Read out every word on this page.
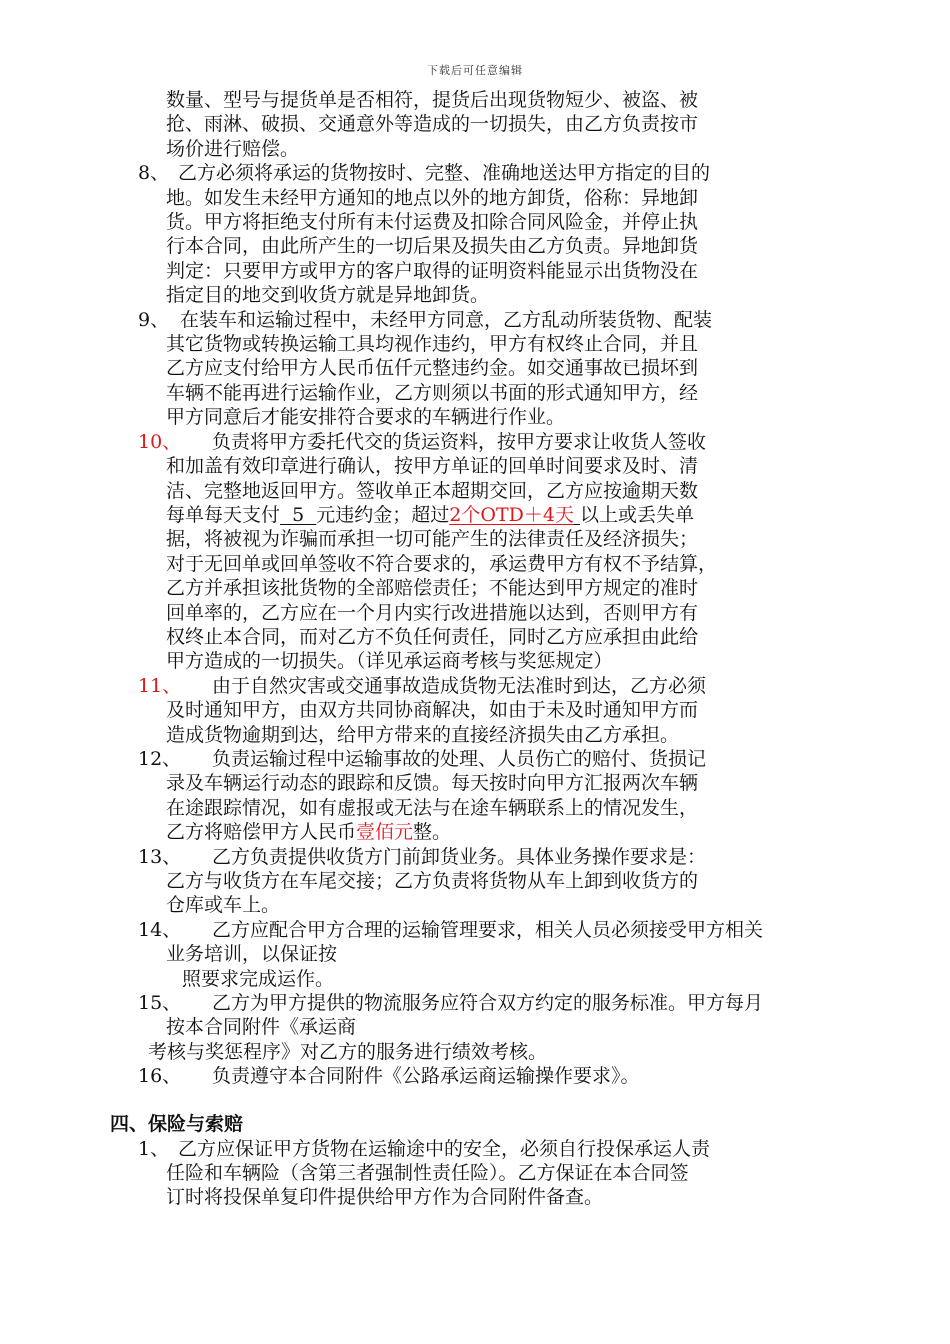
下载后可任意编辑
数量、型号与提货单是否相符，提货后出现货物短少、被盗、被
抢、雨淋、破损、交通意外等造成的一切损失，由乙方负责按市
场价进行赔偿。
8、 乙方必须将承运的货物按时、完整、准确地送达甲方指定的目的
地。如发生未经甲方通知的地点以外的地方卸货，俗称：异地卸
货。甲方将拒绝支付所有未付运费及扣除合同风险金，并停止执
行本合同，由此所产生的一切后果及损失由乙方负责。异地卸货
判定：只要甲方或甲方的客户取得的证明资料能显示出货物没在
指定目的地交到收货方就是异地卸货。
9、 在装车和运输过程中，未经甲方同意，乙方乱动所装货物、配装
其它货物或转换运输工具均视作违约，甲方有权终止合同，并且
乙方应支付给甲方人民币伍仟元整违约金。如交通事故已损坏到
车辆不能再进行运输作业，乙方则须以书面的形式通知甲方，经
甲方同意后才能安排符合要求的车辆进行作业。
10、	负责将甲方委托代交的货运资料，按甲方要求让收货人签收
和加盖有效印章进行确认，按甲方单证的回单时间要求及时、清
洁、完整地返回甲方。签收单正本超期交回，乙方应按逾期天数
每单每天支付  5  元违约金；超过2个OTD＋4天 以上或丢失单
据，将被视为诈骗而承担一切可能产生的法律责任及经济损失；
对于无回单或回单签收不符合要求的，承运费甲方有权不予结算，
乙方并承担该批货物的全部赔偿责任；不能达到甲方规定的准时
回单率的，乙方应在一个月内实行改进措施以达到，否则甲方有
权终止本合同，而对乙方不负任何责任，同时乙方应承担由此给
甲方造成的一切损失。（详见承运商考核与奖惩规定）
11、	由于自然灾害或交通事故造成货物无法准时到达，乙方必须
及时通知甲方，由双方共同协商解决，如由于未及时通知甲方而
造成货物逾期到达，给甲方带来的直接经济损失由乙方承担。
12、	负责运输过程中运输事故的处理、人员伤亡的赔付、货损记
录及车辆运行动态的跟踪和反馈。每天按时向甲方汇报两次车辆
在途跟踪情况，如有虚报或无法与在途车辆联系上的情况发生，
乙方将赔偿甲方人民币壹佰元整。
13、	乙方负责提供收货方门前卸货业务。具体业务操作要求是：
乙方与收货方在车尾交接；乙方负责将货物从车上卸到收货方的
仓库或车上。
14、	乙方应配合甲方合理的运输管理要求，相关人员必须接受甲方相关
业务培训，以保证按
照要求完成运作。
15、	乙方为甲方提供的物流服务应符合双方约定的服务标准。甲方每月
按本合同附件《承运商
考核与奖惩程序》对乙方的服务进行绩效考核。
16、	负责遵守本合同附件《公路承运商运输操作要求》。
四、保险与索赔
1、 乙方应保证甲方货物在运输途中的安全，必须自行投保承运人责
任险和车辆险（含第三者强制性责任险）。乙方保证在本合同签
订时将投保单复印件提供给甲方作为合同附件备查。
